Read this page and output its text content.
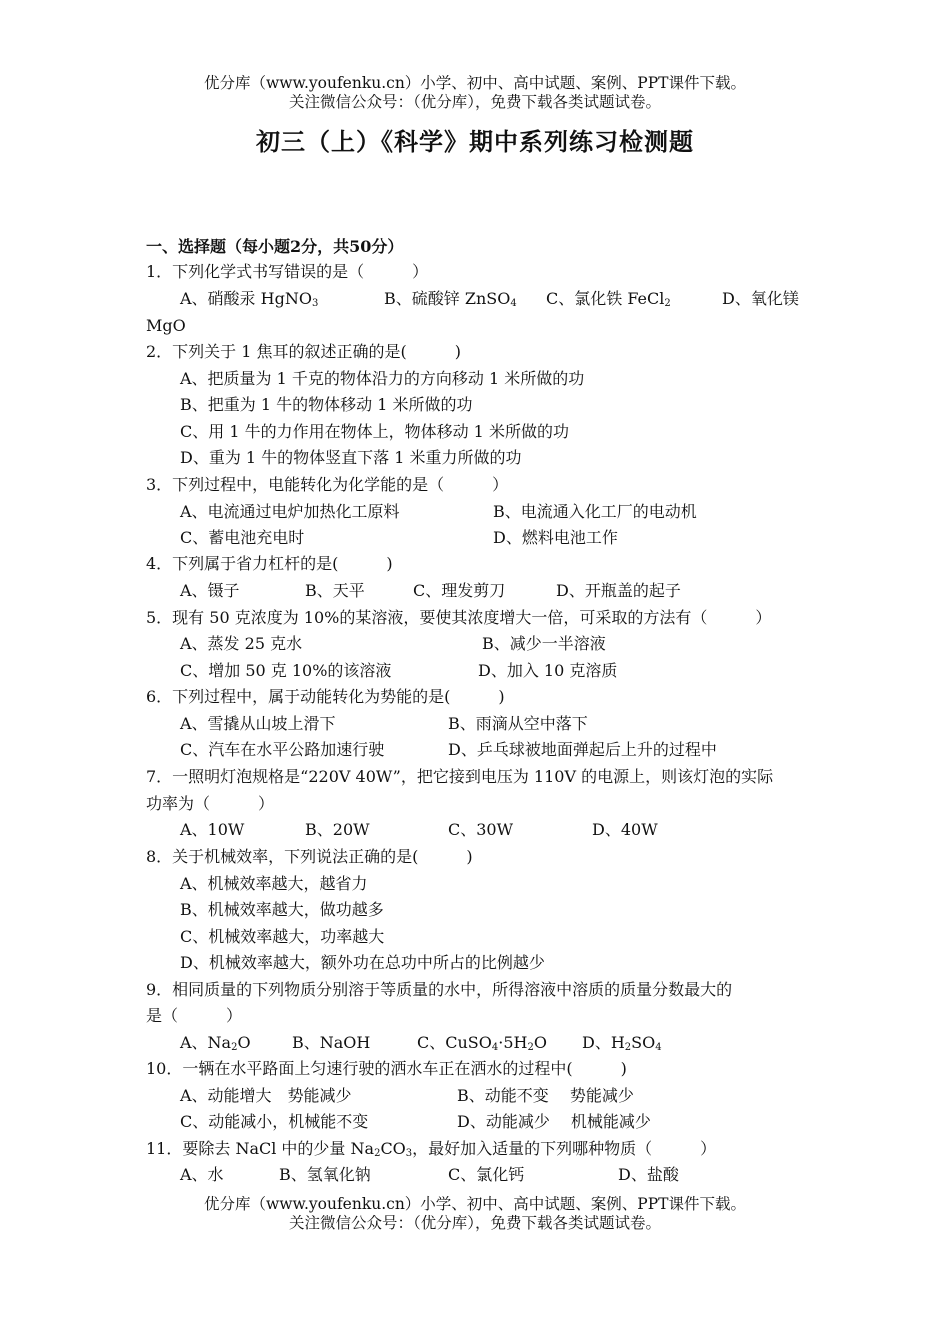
优分库（www.youfenku.cn）小学、初中、高中试题、案例、PPT课件下载。
关注微信公众号：（优分库），免费下载各类试题试卷。
初三（上）《科学》期中系列练习检测题
一、选择题（每小题2分，共50分）
1．下列化学式书写错误的是（　　　）
A、硝酸汞 HgNO$_3$	B、硫酸锌 ZnSO$_4$ C、氯化铁 FeCl$_2$	D、氧化镁
MgO
2．下列关于 1 焦耳的叙述正确的是(　　　)
A、把质量为 1 千克的物体沿力的方向移动 1 米所做的功
B、把重为 1 牛的物体移动 1 米所做的功
C、用 1 牛的力作用在物体上，物体移动 1 米所做的功
D、重为 1 牛的物体竖直下落 1 米重力所做的功
3．下列过程中，电能转化为化学能的是（　　　）
A、电流通过电炉加热化工原料	B、电流通入化工厂的电动机
C、蓄电池充电时	D、燃料电池工作
4．下列属于省力杠杆的是(　　　)
A、镊子	B、天平	C、理发剪刀	D、开瓶盖的起子
5．现有 50 克浓度为 10%的某溶液，要使其浓度增大一倍，可采取的方法有（　　　）
A、蒸发 25 克水	B、减少一半溶液
C、增加 50 克 10%的该溶液	D、加入 10 克溶质
6．下列过程中，属于动能转化为势能的是(　　　)
A、雪撬从山坡上滑下	B、雨滴从空中落下
C、汽车在水平公路加速行驶	D、乒乓球被地面弹起后上升的过程中
7．一照明灯泡规格是“220V 40W”，把它接到电压为 110V 的电源上，则该灯泡的实际
功率为（　　　）
A、10W	B、20W	C、30W	D、40W
8．关于机械效率，下列说法正确的是(　　　)
A、机械效率越大，越省力
B、机械效率越大，做功越多
C、机械效率越大，功率越大
D、机械效率越大，额外功在总功中所占的比例越少
9．相同质量的下列物质分别溶于等质量的水中，所得溶液中溶质的质量分数最大的
是（　　　）
A、$Na_2O$	B、NaOH	C、$CuSO_4\cdot 5H_2O$ D、$H_2SO_4$
10．一辆在水平路面上匀速行驶的洒水车正在洒水的过程中(　　　)
A、动能增大　势能减少	B、动能不变　 势能减少
C、动能减小，机械能不变	D、动能减少　 机械能减少
11．要除去 NaCl 中的少量 $Na_2CO_3$，最好加入适量的下列哪种物质（　　　）
A、水	B、氢氧化钠	C、氯化钙	D、盐酸
优分库（www.youfenku.cn）小学、初中、高中试题、案例、PPT课件下载。
关注微信公众号：（优分库），免费下载各类试题试卷。
